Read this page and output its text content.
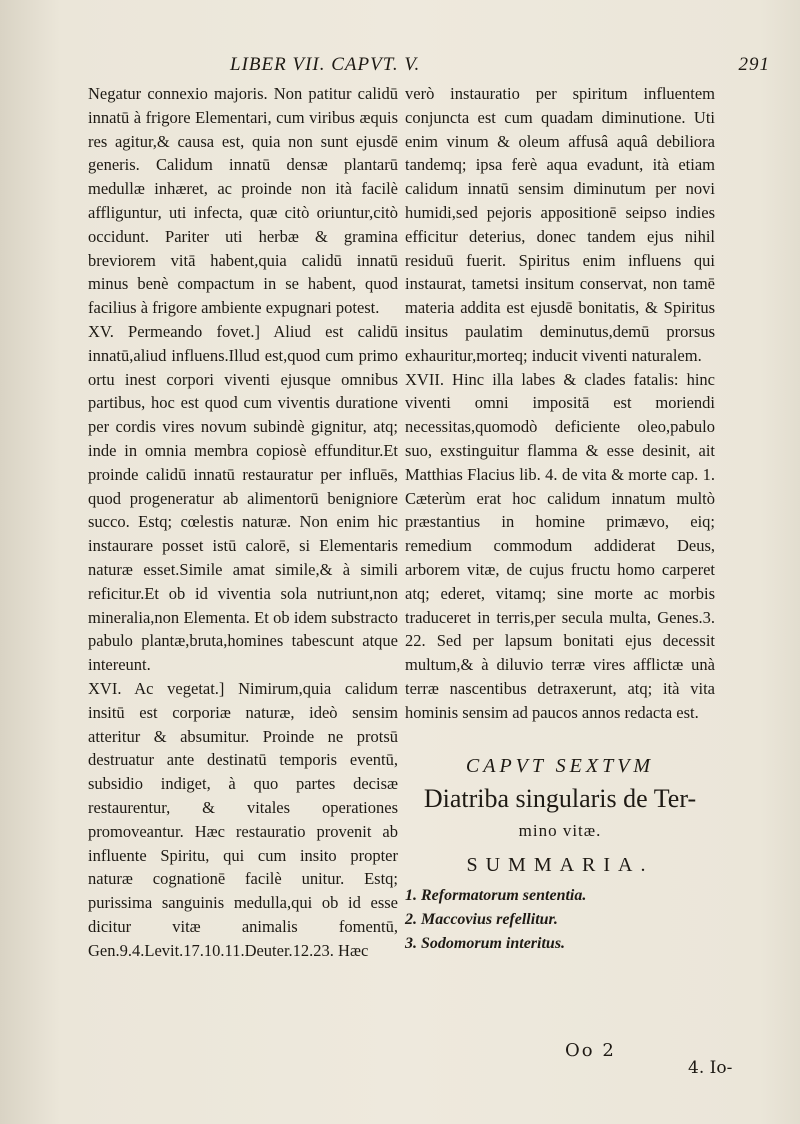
LIBER VII. CAPVT. V.	291

Negatur connexio majoris. Non patitur calidū innatū à frigore Elementari, cum viribus æquis res agitur,& causa est, quia non sunt ejusdē generis. Calidum innatū densæ plantarū medullæ inhæret, ac proinde non ità facilè affliguntur, uti infecta, quæ citò oriuntur,citò occidunt. Pariter uti herbæ & gramina breviorem vitā habent,quia calidū innatū minus benè compactum in se habent, quod facilius à frigore ambiente expugnari potest.

XV. Permeando fovet.] Aliud est calidū innatū,aliud influens.Illud est,quod cum primo ortu inest corpori viventi ejusque omnibus partibus, hoc est quod cum viventis duratione per cordis vires novum subindè gignitur, atq; inde in omnia membra copiosè effunditur.Et proinde calidū innatū restauratur per influēs, quod progeneratur ab alimentorū benigniore succo. Estq; cœlestis naturæ. Non enim hic instaurare posset istū calorē, si Elementaris naturæ esset.Simile amat simile,& à simili reficitur.Et ob id viventia sola nutriunt,non mineralia,non Elementa. Et ob idem substracto pabulo plantæ,bruta,homines tabescunt atque intereunt.

XVI. Ac vegetat.] Nimirum,quia calidum insitū est corporiæ naturæ, ideò sensim atteritur & absumitur. Proinde ne protsū destruatur ante destinatū temporis eventū, subsidio indiget, à quo partes decisæ restaurentur, & vitales operationes promoveantur. Hæc restauratio provenit ab influente Spiritu, qui cum insito propter naturæ cognationē facilè unitur. Estq; purissima sanguinis medulla,qui ob id esse dicitur vitæ animalis fomentū, Gen.9.4.Levit.17.10.11.Deuter.12.23. Hæc

verò instauratio per spiritum influentem conjuncta est cum quadam diminutione. Uti enim vinum & oleum affusâ aquâ debiliora tandemq; ipsa ferè aqua evadunt, ità etiam calidum innatū sensim diminutum per novi humidi,sed pejoris appositionē seipso indies efficitur deterius, donec tandem ejus nihil residuū fuerit. Spiritus enim influens qui instaurat, tametsi insitum conservat, non tamē materia addita est ejusdē bonitatis, & Spiritus insitus paulatim deminutus,demū prorsus exhauritur,morteq; inducit viventi naturalem.

XVII. Hinc illa labes & clades fatalis: hinc viventi omni impositā est moriendi necessitas,quomodò deficiente oleo,pabulo suo, exstinguitur flamma & esse desinit, ait Matthias Flacius lib. 4. de vita & morte cap. 1. Cæterùm erat hoc calidum innatum multò præstantius in homine primævo, eiq; remedium commodum addiderat Deus, arborem vitæ, de cujus fructu homo carperet atq; ederet, vitamq; sine morte ac morbis traduceret in terris,per secula multa, Genes.3. 22. Sed per lapsum bonitati ejus decessit multum,& à diluvio terræ vires afflictæ unà terræ nascentibus detraxerunt, atq; ità vita hominis sensim ad paucos annos redacta est.

CAPVT SEXTVM
Diatriba singularis de Ter-
mino vitæ.
SUMMARIA.
1. Reformatorum sententia.
2. Maccovius refellitur.
3. Sodomorum interitus.
Oo 2
4. Io-
